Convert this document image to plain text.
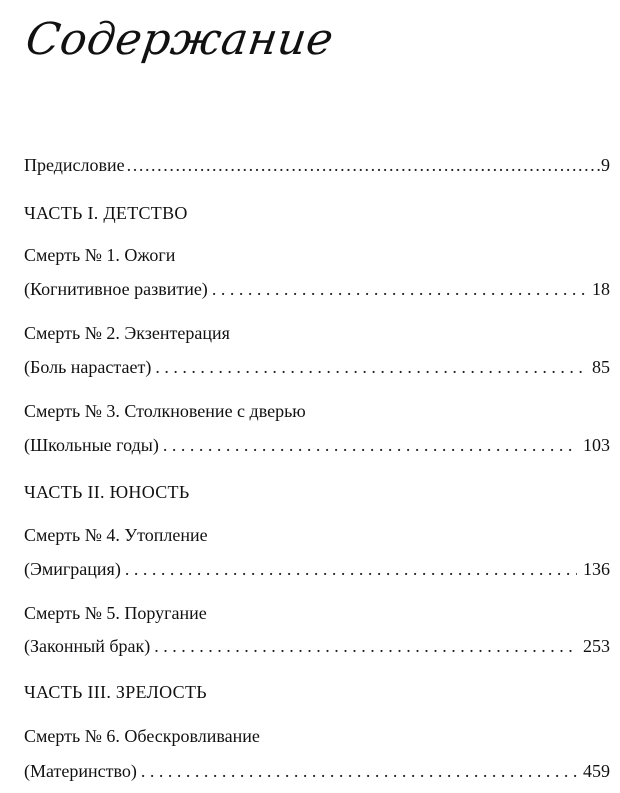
Содержание
Предисловие .....	9
ЧАСТЬ I. ДЕТСТВО
Смерть № 1. Ожоги
(Когнитивное развитие) . . .	18
Смерть № 2. Экзентерация
(Боль нарастает) . . .	85
Смерть № 3. Столкновение с дверью
(Школьные годы) . . .	103
ЧАСТЬ II. ЮНОСТЬ
Смерть № 4. Утопление
(Эмиграция) . . .	136
Смерть № 5. Поругание
(Законный брак) . . .	253
ЧАСТЬ III. ЗРЕЛОСТЬ
Смерть № 6. Обескровливание
(Материнство) . . .	459
